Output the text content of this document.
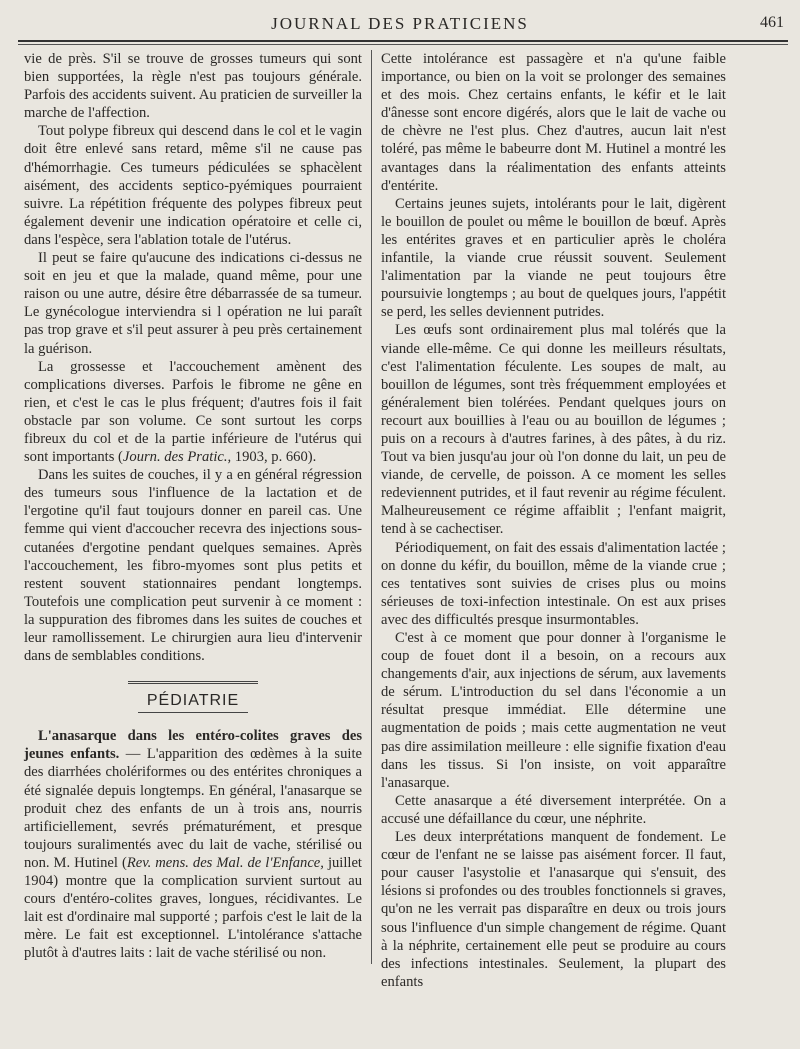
JOURNAL DES PRATICIENS	461

vie de près. S'il se trouve de grosses tumeurs qui sont bien supportées, la règle n'est pas toujours générale. Parfois des accidents suivent. Au praticien de surveiller la marche de l'affection.

Tout polype fibreux qui descend dans le col et le vagin doit être enlevé sans retard, même s'il ne cause pas d'hémorrhagie. Ces tumeurs pédiculées se sphacèlent aisément, des accidents septico-pyémiques pourraient suivre. La répétition fréquente des polypes fibreux peut également devenir une indication opératoire et celle ci, dans l'espèce, sera l'ablation totale de l'utérus.

Il peut se faire qu'aucune des indications ci-dessus ne soit en jeu et que la malade, quand même, pour une raison ou une autre, désire être débarrassée de sa tumeur. Le gynécologue interviendra si l opération ne lui paraît pas trop grave et s'il peut assurer à peu près certainement la guérison.

La grossesse et l'accouchement amènent des complications diverses. Parfois le fibrome ne gêne en rien, et c'est le cas le plus fréquent; d'autres fois il fait obstacle par son volume. Ce sont surtout les corps fibreux du col et de la partie inférieure de l'utérus qui sont importants (Journ. des Pratic., 1903, p. 660).

Dans les suites de couches, il y a en général régression des tumeurs sous l'influence de la lactation et de l'ergotine qu'il faut toujours donner en pareil cas. Une femme qui vient d'accoucher recevra des injections sous-cutanées d'ergotine pendant quelques semaines. Après l'accouchement, les fibro-myomes sont plus petits et restent souvent stationnaires pendant longtemps. Toutefois une complication peut survenir à ce moment : la suppuration des fibromes dans les suites de couches et leur ramollissement. Le chirurgien aura lieu d'intervenir dans de semblables conditions.

PÉDIATRIE

L'anasarque dans les entéro-colites graves des jeunes enfants. — L'apparition des œdèmes à la suite des diarrhées cholériformes ou des entérites chroniques a été signalée depuis longtemps. En général, l'anasarque se produit chez des enfants de un à trois ans, nourris artificiellement, sevrés prématurément, et presque toujours suralimentés avec du lait de vache, stérilisé ou non. M. Hutinel (Rev. mens. des Mal. de l'Enfance, juillet 1904) montre que la complication survient surtout au cours d'entéro-colites graves, longues, récidivantes. Le lait est d'ordinaire mal supporté ; parfois c'est le lait de la mère. Le fait est exceptionnel. L'intolérance s'attache plutôt à d'autres laits : lait de vache stérilisé ou non.

Cette intolérance est passagère et n'a qu'une faible importance, ou bien on la voit se prolonger des semaines et des mois. Chez certains enfants, le kéfir et le lait d'ânesse sont encore digérés, alors que le lait de vache ou de chèvre ne l'est plus. Chez d'autres, aucun lait n'est toléré, pas même le babeurre dont M. Hutinel a montré les avantages dans la réalimentation des enfants atteints d'entérite.

Certains jeunes sujets, intolérants pour le lait, digèrent le bouillon de poulet ou même le bouillon de bœuf. Après les entérites graves et en particulier après le choléra infantile, la viande crue réussit souvent. Seulement l'alimentation par la viande ne peut toujours être poursuivie longtemps ; au bout de quelques jours, l'appétit se perd, les selles deviennent putrides.

Les œufs sont ordinairement plus mal tolérés que la viande elle-même. Ce qui donne les meilleurs résultats, c'est l'alimentation féculente. Les soupes de malt, au bouillon de légumes, sont très fréquemment employées et généralement bien tolérées. Pendant quelques jours on recourt aux bouillies à l'eau ou au bouillon de légumes ; puis on a recours à d'autres farines, à des pâtes, à du riz. Tout va bien jusqu'au jour où l'on donne du lait, un peu de viande, de cervelle, de poisson. A ce moment les selles redeviennent putrides, et il faut revenir au régime féculent. Malheureusement ce régime affaiblit ; l'enfant maigrit, tend à se cachectiser.

Périodiquement, on fait des essais d'alimentation lactée ; on donne du kéfir, du bouillon, même de la viande crue ; ces tentatives sont suivies de crises plus ou moins sérieuses de toxi-infection intestinale. On est aux prises avec des difficultés presque insurmontables.

C'est à ce moment que pour donner à l'organisme le coup de fouet dont il a besoin, on a recours aux changements d'air, aux injections de sérum, aux lavements de sérum. L'introduction du sel dans l'économie a un résultat presque immédiat. Elle détermine une augmentation de poids ; mais cette augmentation ne veut pas dire assimilation meilleure : elle signifie fixation d'eau dans les tissus. Si l'on insiste, on voit apparaître l'anasarque.

Cette anasarque a été diversement interprétée. On a accusé une défaillance du cœur, une néphrite.

Les deux interprétations manquent de fondement. Le cœur de l'enfant ne se laisse pas aisément forcer. Il faut, pour causer l'asystolie et l'anasarque qui s'ensuit, des lésions si profondes ou des troubles fonctionnels si graves, qu'on ne les verrait pas disparaître en deux ou trois jours sous l'influence d'un simple changement de régime. Quant à la néphrite, certainement elle peut se produire au cours des infections intestinales. Seulement, la plupart des enfants
